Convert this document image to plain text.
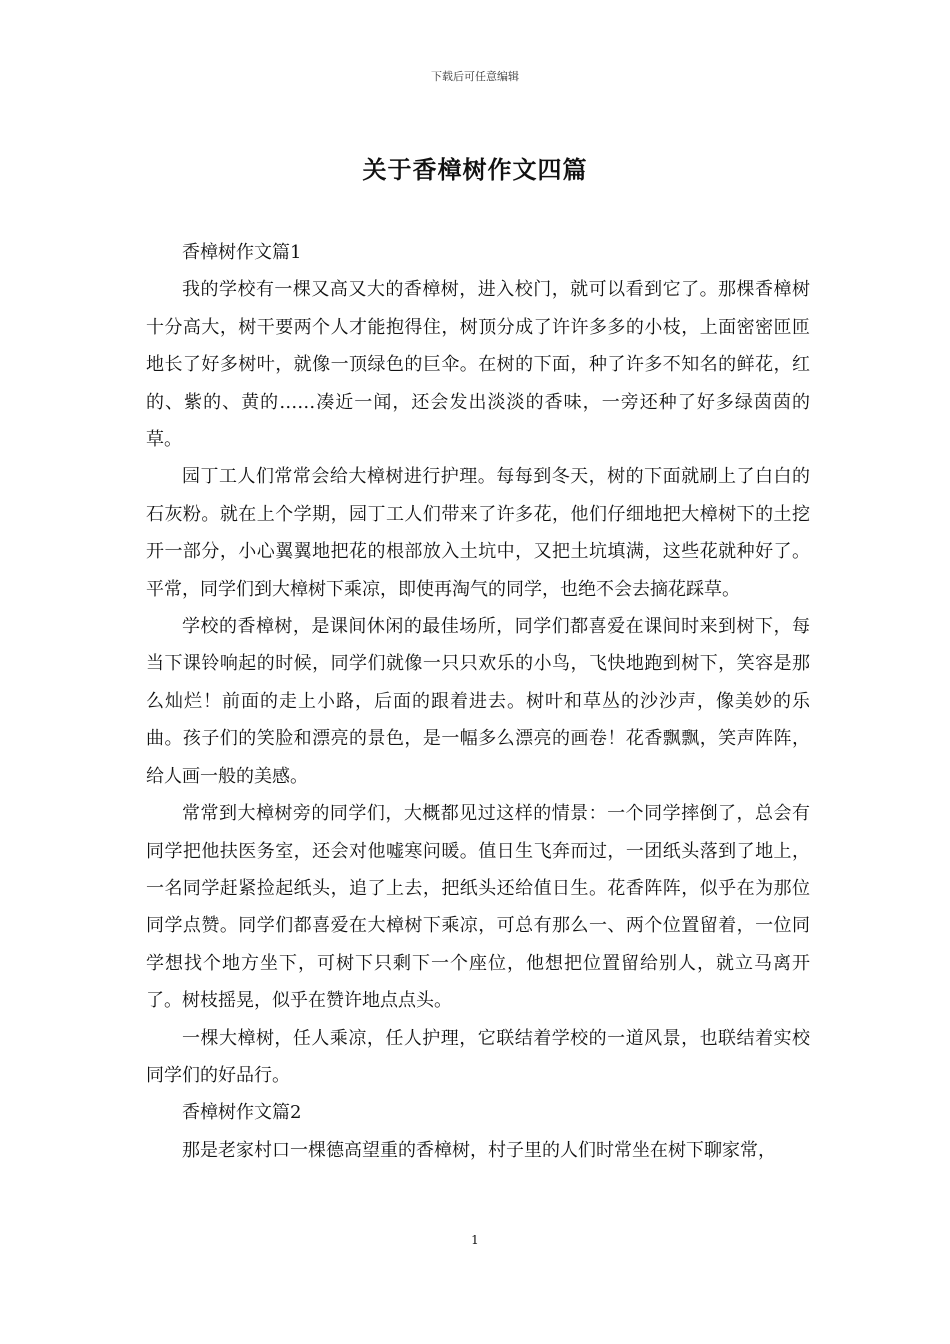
下载后可任意编辑
关于香樟树作文四篇

香樟树作文篇1

我的学校有一棵又高又大的香樟树，进入校门，就可以看到它了。那棵香樟树十分高大，树干要两个人才能抱得住，树顶分成了许许多多的小枝，上面密密匝匝地长了好多树叶，就像一顶绿色的巨伞。在树的下面，种了许多不知名的鲜花，红的、紫的、黄的……凑近一闻，还会发出淡淡的香味，一旁还种了好多绿茵茵的草。

园丁工人们常常会给大樟树进行护理。每每到冬天，树的下面就刷上了白白的石灰粉。就在上个学期，园丁工人们带来了许多花，他们仔细地把大樟树下的土挖开一部分，小心翼翼地把花的根部放入土坑中，又把土坑填满，这些花就种好了。平常，同学们到大樟树下乘凉，即使再淘气的同学，也绝不会去摘花踩草。

学校的香樟树，是课间休闲的最佳场所，同学们都喜爱在课间时来到树下，每当下课铃响起的时候，同学们就像一只只欢乐的小鸟，飞快地跑到树下，笑容是那么灿烂！前面的走上小路，后面的跟着进去。树叶和草丛的沙沙声，像美妙的乐曲。孩子们的笑脸和漂亮的景色，是一幅多么漂亮的画卷！花香飘飘，笑声阵阵，给人画一般的美感。

常常到大樟树旁的同学们，大概都见过这样的情景：一个同学摔倒了，总会有同学把他扶医务室，还会对他嘘寒问暖。值日生飞奔而过，一团纸头落到了地上，一名同学赶紧捡起纸头，追了上去，把纸头还给值日生。花香阵阵，似乎在为那位同学点赞。同学们都喜爱在大樟树下乘凉，可总有那么一、两个位置留着，一位同学想找个地方坐下，可树下只剩下一个座位，他想把位置留给别人，就立马离开了。树枝摇晃，似乎在赞许地点点头。

一棵大樟树，任人乘凉，任人护理，它联结着学校的一道风景，也联结着实校同学们的好品行。

香樟树作文篇2

那是老家村口一棵德高望重的香樟树，村子里的人们时常坐在树下聊家常，

1
